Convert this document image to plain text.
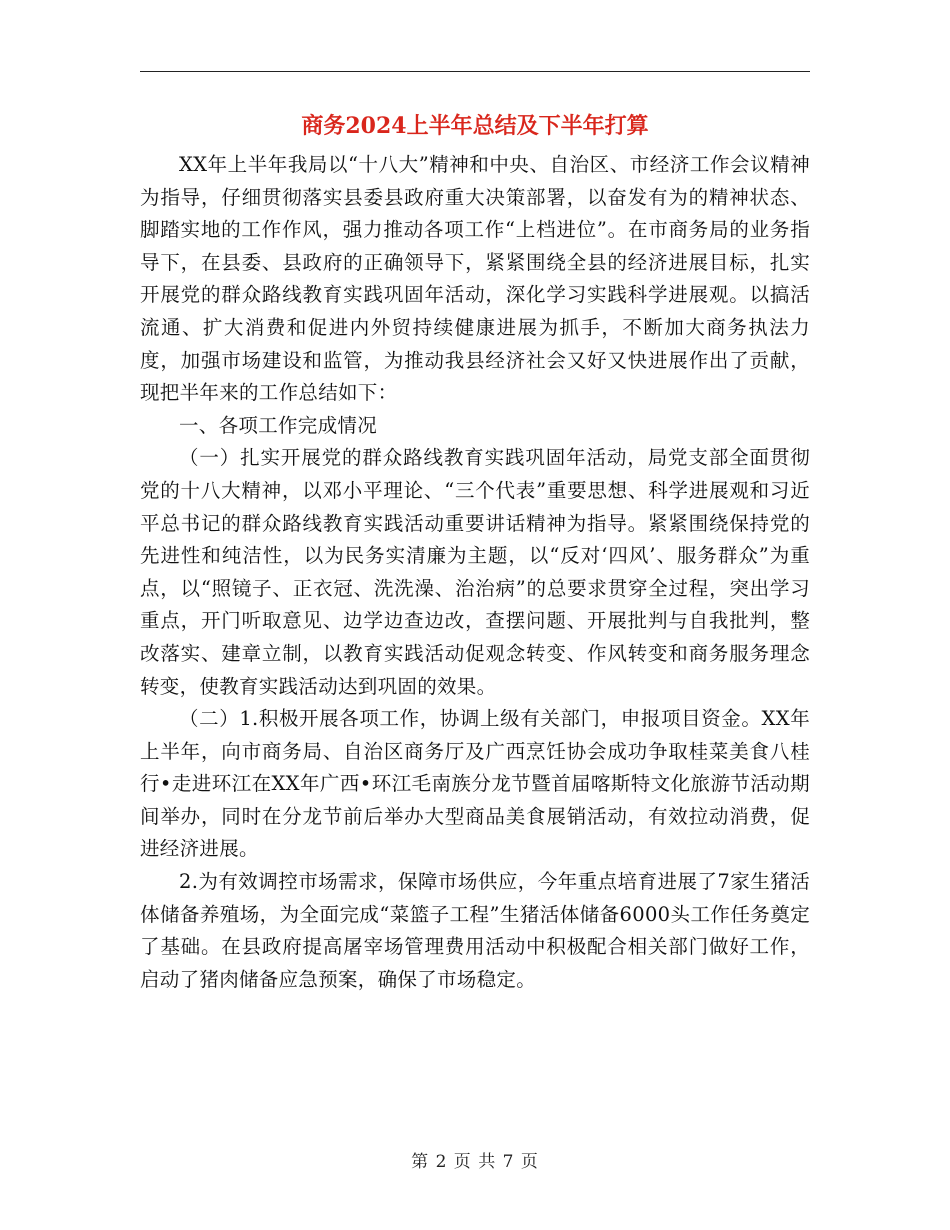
商务2024上半年总结及下半年打算

XX年上半年我局以“十八大”精神和中央、自治区、市经济工作会议精神为指导，仔细贯彻落实县委县政府重大决策部署，以奋发有为的精神状态、脚踏实地的工作作风，强力推动各项工作“上档进位”。在市商务局的业务指导下，在县委、县政府的正确领导下，紧紧围绕全县的经济进展目标，扎实开展党的群众路线教育实践巩固年活动，深化学习实践科学进展观。以搞活流通、扩大消费和促进内外贸持续健康进展为抓手，不断加大商务执法力度，加强市场建设和监管，为推动我县经济社会又好又快进展作出了贡献，现把半年来的工作总结如下：

一、各项工作完成情况

（一）扎实开展党的群众路线教育实践巩固年活动，局党支部全面贯彻党的十八大精神，以邓小平理论、“三个代表”重要思想、科学进展观和习近平总书记的群众路线教育实践活动重要讲话精神为指导。紧紧围绕保持党的先进性和纯洁性，以为民务实清廉为主题，以“反对‘四风’、服务群众”为重点，以“照镜子、正衣冠、洗洗澡、治治病”的总要求贯穿全过程，突出学习重点，开门听取意见、边学边查边改，查摆问题、开展批判与自我批判，整改落实、建章立制，以教育实践活动促观念转变、作风转变和商务服务理念转变，使教育实践活动达到巩固的效果。

（二）1.积极开展各项工作，协调上级有关部门，申报项目资金。XX年上半年，向市商务局、自治区商务厅及广西烹饪协会成功争取桂菜美食八桂行•走进环江在XX年广西•环江毛南族分龙节暨首届喀斯特文化旅游节活动期间举办，同时在分龙节前后举办大型商品美食展销活动，有效拉动消费，促进经济进展。

2.为有效调控市场需求，保障市场供应，今年重点培育进展了7家生猪活体储备养殖场，为全面完成“菜篮子工程”生猪活体储备6000头工作任务奠定了基础。在县政府提高屠宰场管理费用活动中积极配合相关部门做好工作，启动了猪肉储备应急预案，确保了市场稳定。

第 2 页 共 7 页
